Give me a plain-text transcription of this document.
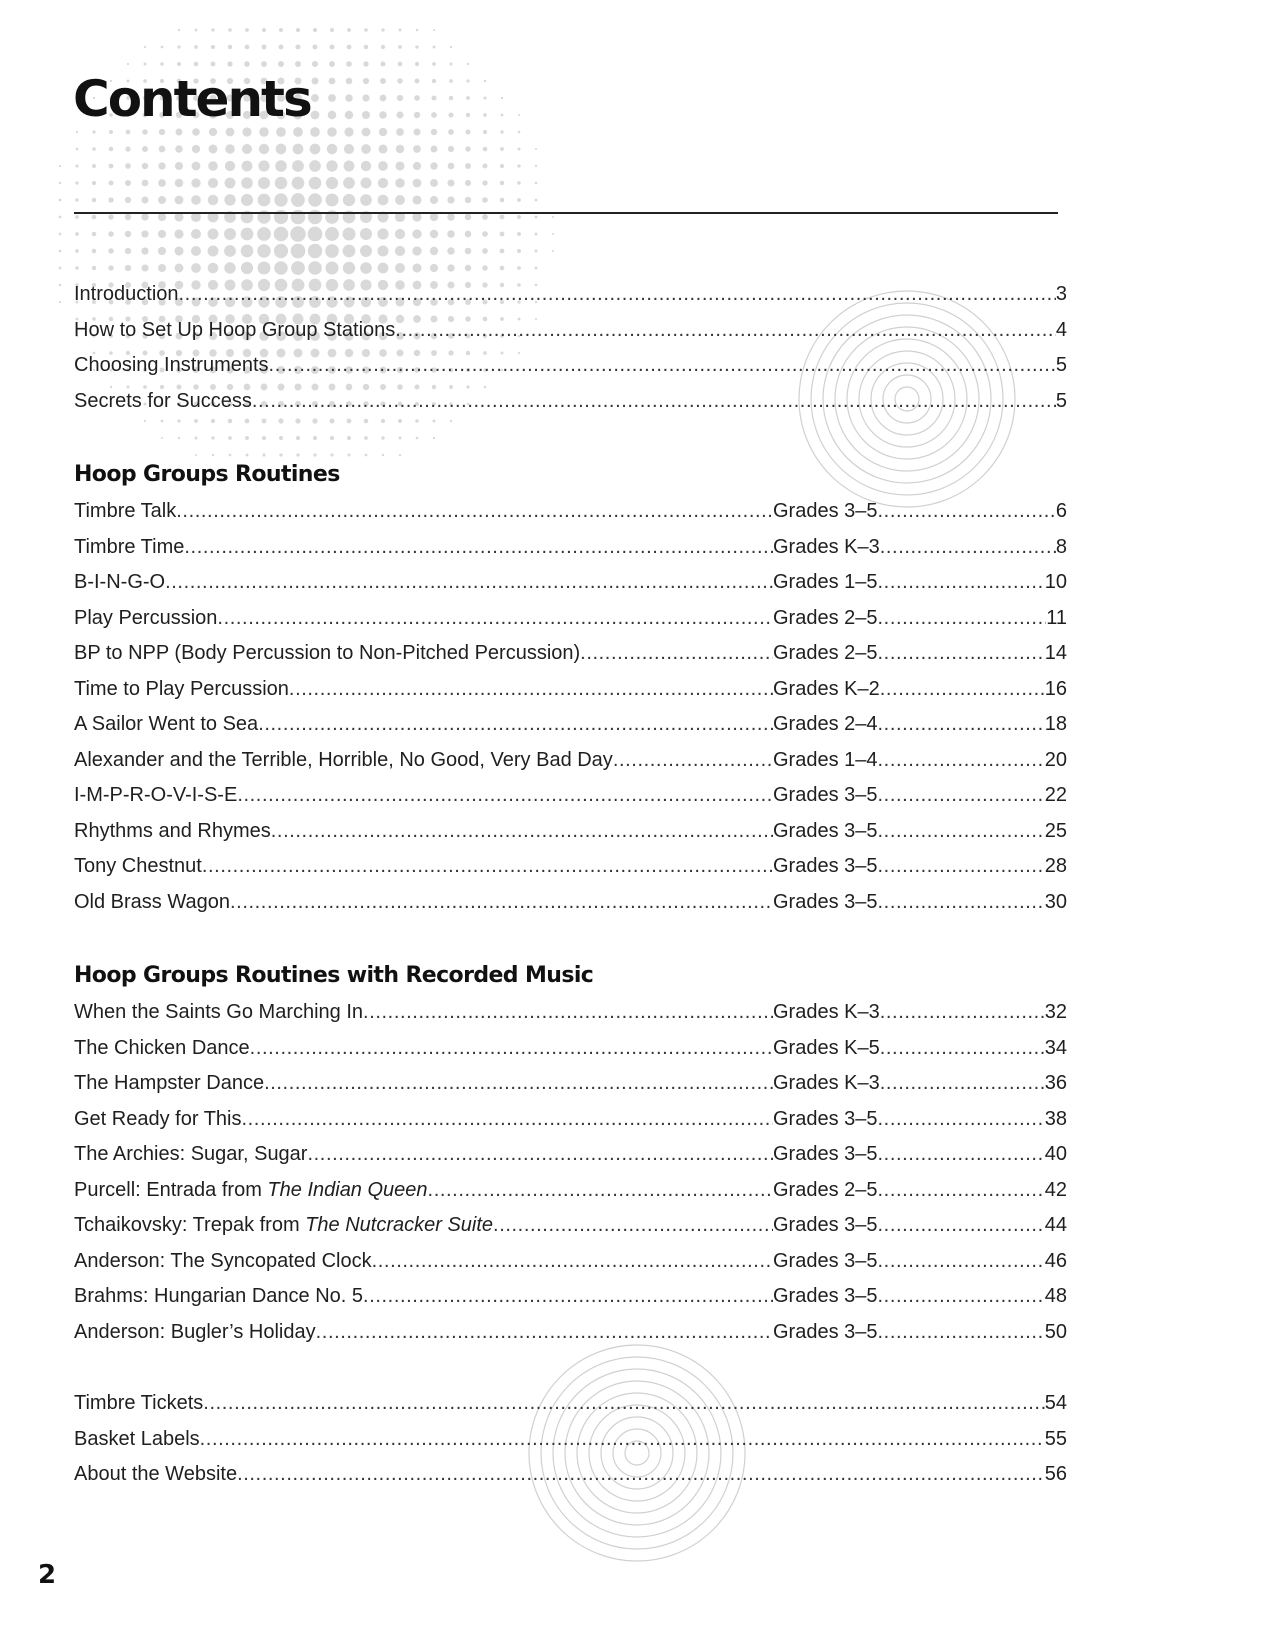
Contents
Introduction .....	3
How to Set Up Hoop Group Stations .....	4
Choosing Instruments .....	5
Secrets for Success .....	5
Hoop Groups Routines
Timbre Talk .....	Grades 3–5 .....	6
Timbre Time .....	Grades K–3 .....	8
B-I-N-G-O .....	Grades 1–5 .....	10
Play Percussion .....	Grades 2–5 .....	11
BP to NPP (Body Percussion to Non-Pitched Percussion) .....	Grades 2–5 .....	14
Time to Play Percussion .....	Grades K–2 .....	16
A Sailor Went to Sea .....	Grades 2–4 .....	18
Alexander and the Terrible, Horrible, No Good, Very Bad Day .....	Grades 1–4 .....	20
I-M-P-R-O-V-I-S-E .....	Grades 3–5 .....	22
Rhythms and Rhymes .....	Grades 3–5 .....	25
Tony Chestnut .....	Grades 3–5 .....	28
Old Brass Wagon .....	Grades 3–5 .....	30
Hoop Groups Routines with Recorded Music
When the Saints Go Marching In .....	Grades K–3 .....	32
The Chicken Dance .....	Grades K–5 .....	34
The Hampster Dance .....	Grades K–3 .....	36
Get Ready for This .....	Grades 3–5 .....	38
The Archies: Sugar, Sugar .....	Grades 3–5 .....	40
Purcell: Entrada from The Indian Queen .....	Grades 2–5 .....	42
Tchaikovsky: Trepak from The Nutcracker Suite .....	Grades 3–5 .....	44
Anderson: The Syncopated Clock .....	Grades 3–5 .....	46
Brahms: Hungarian Dance No. 5 .....	Grades 3–5 .....	48
Anderson: Bugler’s Holiday .....	Grades 3–5 .....	50
Timbre Tickets .....	54
Basket Labels .....	55
About the Website .....	56
2
